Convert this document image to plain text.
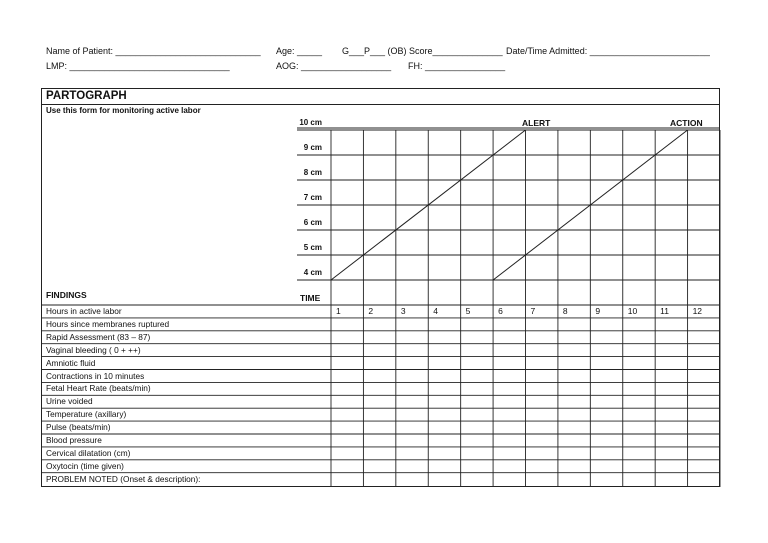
Name of Patient: _____________________________ Age: _____ G___P___ (OB) Score______________ Date/Time Admitted: ________________________
LMP: ________________________________	AOG: __________________ FH: ________________
PARTOGRAPH
Use this form for monitoring active labor
FINDINGS
ALERT	ACTION
TIME
10 cm
9 cm
8 cm
7 cm
6 cm
5 cm
4 cm
1	2	3	4	5	6	7	8	9	10	11	12
Hours in active labor
Hours since membranes ruptured
Rapid Assessment (83 – 87)
Vaginal bleeding ( 0 + ++)
Amniotic fluid
Contractions in 10 minutes
Fetal Heart Rate (beats/min)
Urine voided
Temperature (axillary)
Pulse (beats/min)
Blood pressure
Cervical dilatation (cm)
Oxytocin (time given)
PROBLEM NOTED (Onset & description):
